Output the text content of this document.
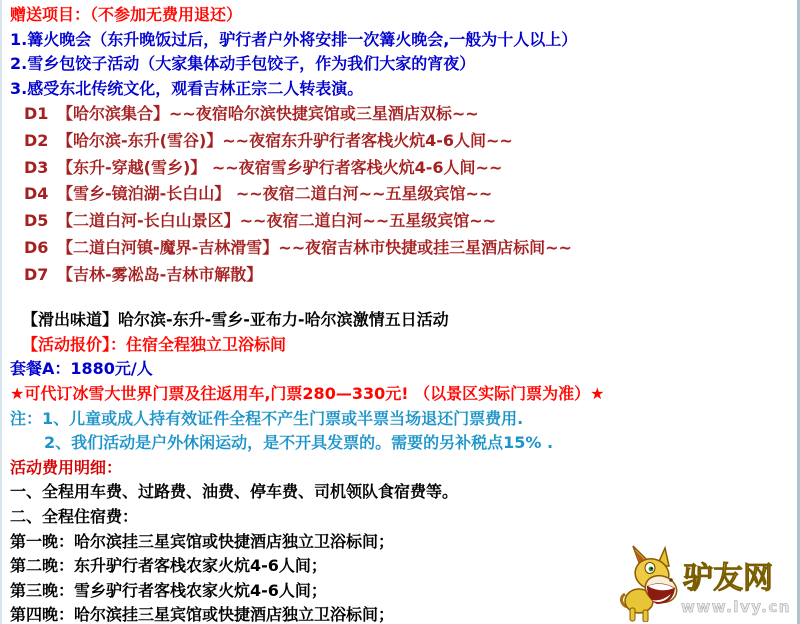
赠送项目：（不参加无费用退还）
1.篝火晚会（东升晚饭过后，驴行者户外将安排一次篝火晚会,一般为十人以上）
2.雪乡包饺子活动（大家集体动手包饺子，作为我们大家的宵夜）
3.感受东北传统文化，观看吉林正宗二人转表演。
D1 【哈尔滨集合】~~夜宿哈尔滨快捷宾馆或三星酒店双标~~
D2 【哈尔滨-东升(雪谷)】~~夜宿东升驴行者客栈火炕4-6人间~~
D3 【东升-穿越(雪乡)】 ~~夜宿雪乡驴行者客栈火炕4-6人间~~
D4 【雪乡-镜泊湖-长白山】 ~~夜宿二道白河~~五星级宾馆~~
D5 【二道白河-长白山景区】~~夜宿二道白河~~五星级宾馆~~
D6 【二道白河镇-魔界-吉林滑雪】~~夜宿吉林市快捷或挂三星酒店标间~~
D7 【吉林-雾凇岛-吉林市解散】
【滑出味道】哈尔滨-东升-雪乡-亚布力-哈尔滨激情五日活动
【活动报价】：住宿全程独立卫浴标间
套餐A：1880元/人
★可代订冰雪大世界门票及往返用车,门票280—330元! （以景区实际门票为准）★
注：1、儿童或成人持有效证件全程不产生门票或半票当场退还门票费用.
2、我们活动是户外休闲运动，是不开具发票的。需要的另补税点15% .
活动费用明细：
一、全程用车费、过路费、油费、停车费、司机领队食宿费等。
二、全程住宿费：
第一晚：哈尔滨挂三星宾馆或快捷酒店独立卫浴标间；
第二晚：东升驴行者客栈农家火炕4-6人间；
第三晚：雪乡驴行者客栈农家火炕4-6人间；
第四晚：哈尔滨挂三星宾馆或快捷酒店独立卫浴标间；
驴友网
www.lvy.cn
